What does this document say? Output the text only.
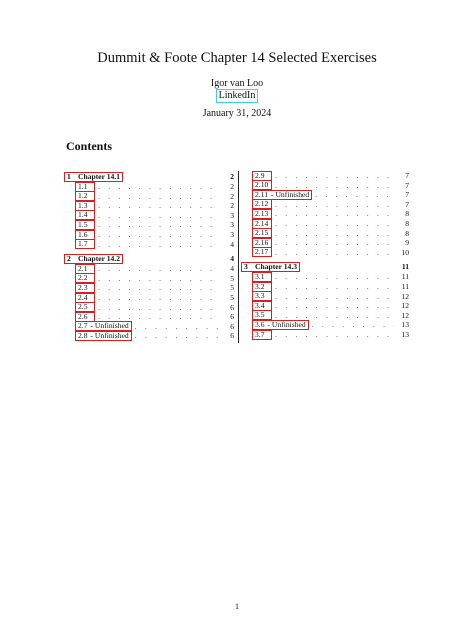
Dummit & Foote Chapter 14 Selected Exercises
Igor van Loo
LinkedIn
January 31, 2024
Contents
1 Chapter 14.1	2
1.1 . . .	2
1.2 . . .	2
1.3 . . .	2
1.4 . . .	3
1.5 . . .	3
1.6 . . .	3
1.7 . . .	4
2 Chapter 14.2	4
2.1 . . .	4
2.2 . . .	5
2.3 . . .	5
2.4 . . .	5
2.5 . . .	6
2.6 . . .	6
2.7 - Unfinished . . .	6
2.8 - Unfinished . . .	6
2.9 . . .	7
2.10 . . .	7
2.11 - Unfinished . . .	7
2.12 . . .	7
2.13 . . .	8
2.14 . . .	8
2.15 . . .	8
2.16 . . .	9
2.17 . . .	10
3 Chapter 14.3	11
3.1 . . .	11
3.2 . . .	11
3.3 . . .	12
3.4 . . .	12
3.5 . . .	12
3.6 - Unfinished . . .	13
3.7 . . .	13
1
